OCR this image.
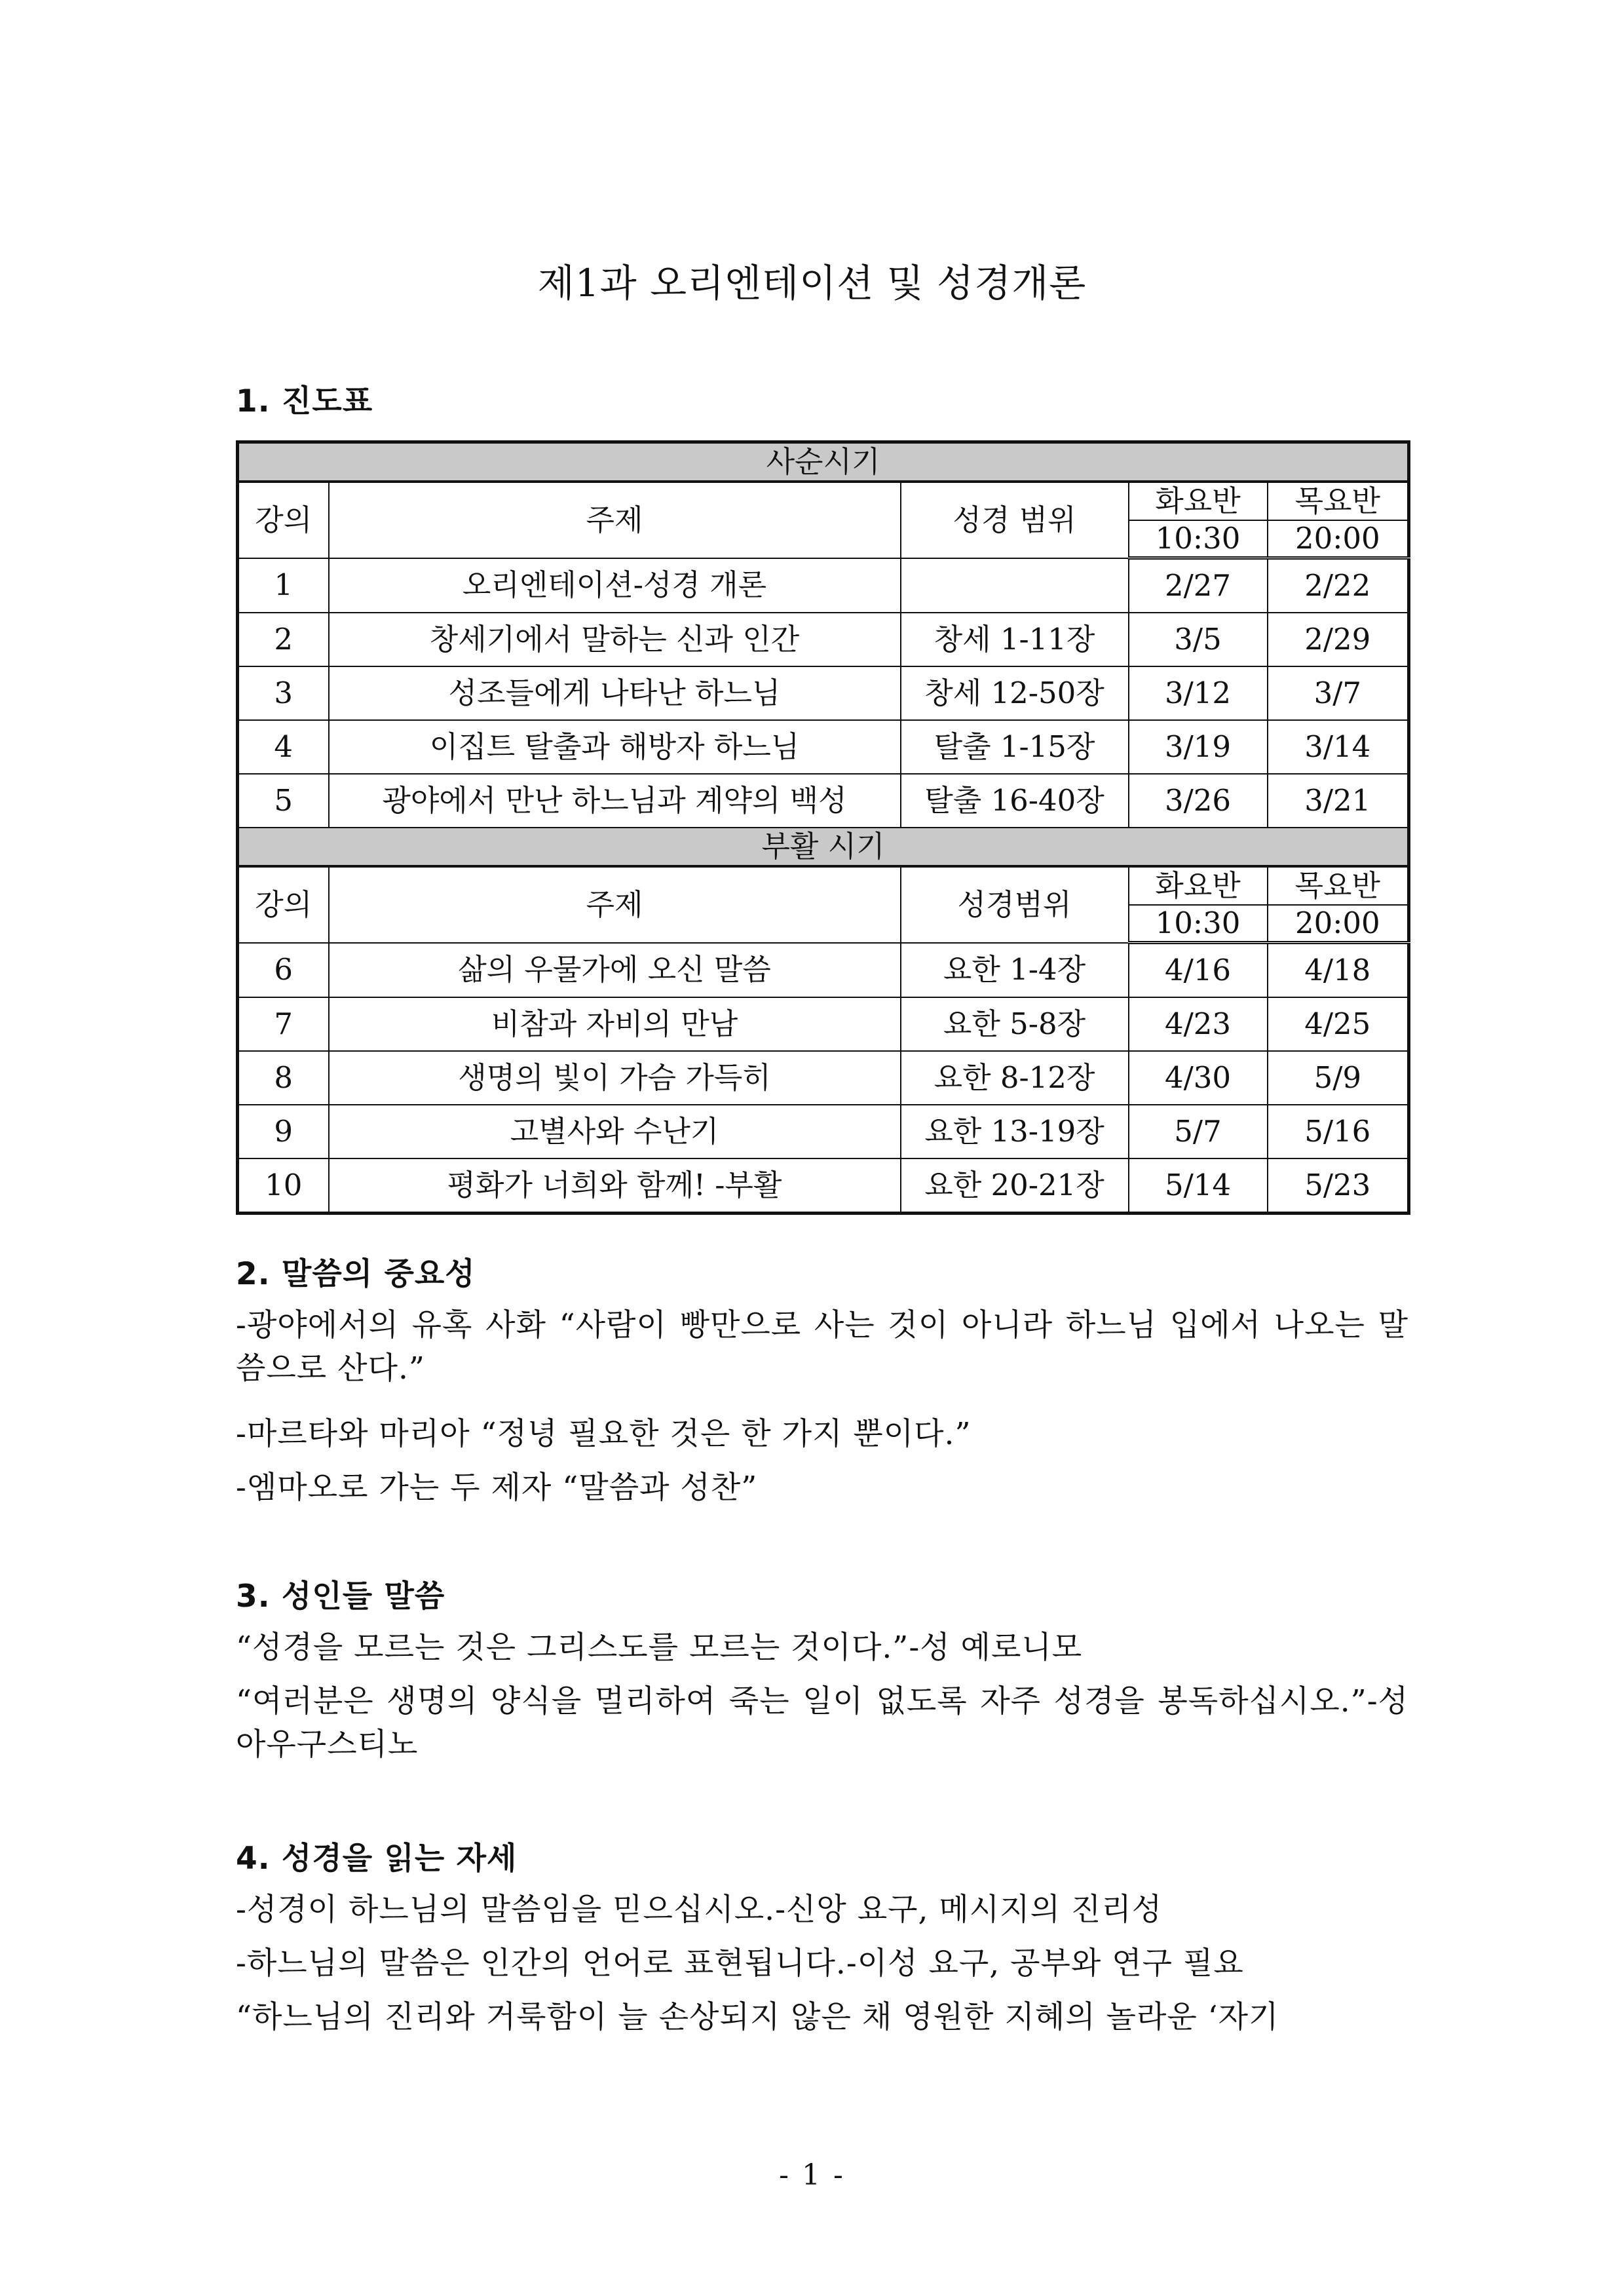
제1과 오리엔테이션 및 성경개론
1. 진도표
사순시기				
강의	주제	성경 범위	화요반	목요반
			10:30	20:00
1	오리엔테이션-성경 개론		2/27	2/22
2	창세기에서 말하는 신과 인간	창세 1-11장	3/5	2/29
3	성조들에게 나타난 하느님	창세 12-50장	3/12	3/7
4	이집트 탈출과 해방자 하느님	탈출 1-15장	3/19	3/14
5	광야에서 만난 하느님과 계약의 백성	탈출 16-40장	3/26	3/21
부활 시기				
강의	주제	성경범위	화요반	목요반
			10:30	20:00
6	삶의 우물가에 오신 말씀	요한 1-4장	4/16	4/18
7	비참과 자비의 만남	요한 5-8장	4/23	4/25
8	생명의 빛이 가슴 가득히	요한 8-12장	4/30	5/9
9	고별사와 수난기	요한 13-19장	5/7	5/16
10	평화가 너희와 함께! -부활	요한 20-21장	5/14	5/23
2. 말씀의 중요성
-광야에서의 유혹 사화 “사람이 빵만으로 사는 것이 아니라 하느님 입에서 나오는 말씀으로 산다.”
-마르타와 마리아 “정녕 필요한 것은 한 가지 뿐이다.”
-엠마오로 가는 두 제자 “말씀과 성찬”
3. 성인들 말씀
“성경을 모르는 것은 그리스도를 모르는 것이다.”-성 예로니모
“여러분은 생명의 양식을 멀리하여 죽는 일이 없도록 자주 성경을 봉독하십시오.”-성 아우구스티노
4. 성경을 읽는 자세
-성경이 하느님의 말씀임을 믿으십시오.-신앙 요구, 메시지의 진리성
-하느님의 말씀은 인간의 언어로 표현됩니다.-이성 요구, 공부와 연구 필요
“하느님의 진리와 거룩함이 늘 손상되지 않은 채 영원한 지혜의 놀라운 ‘자기
- 1 -
